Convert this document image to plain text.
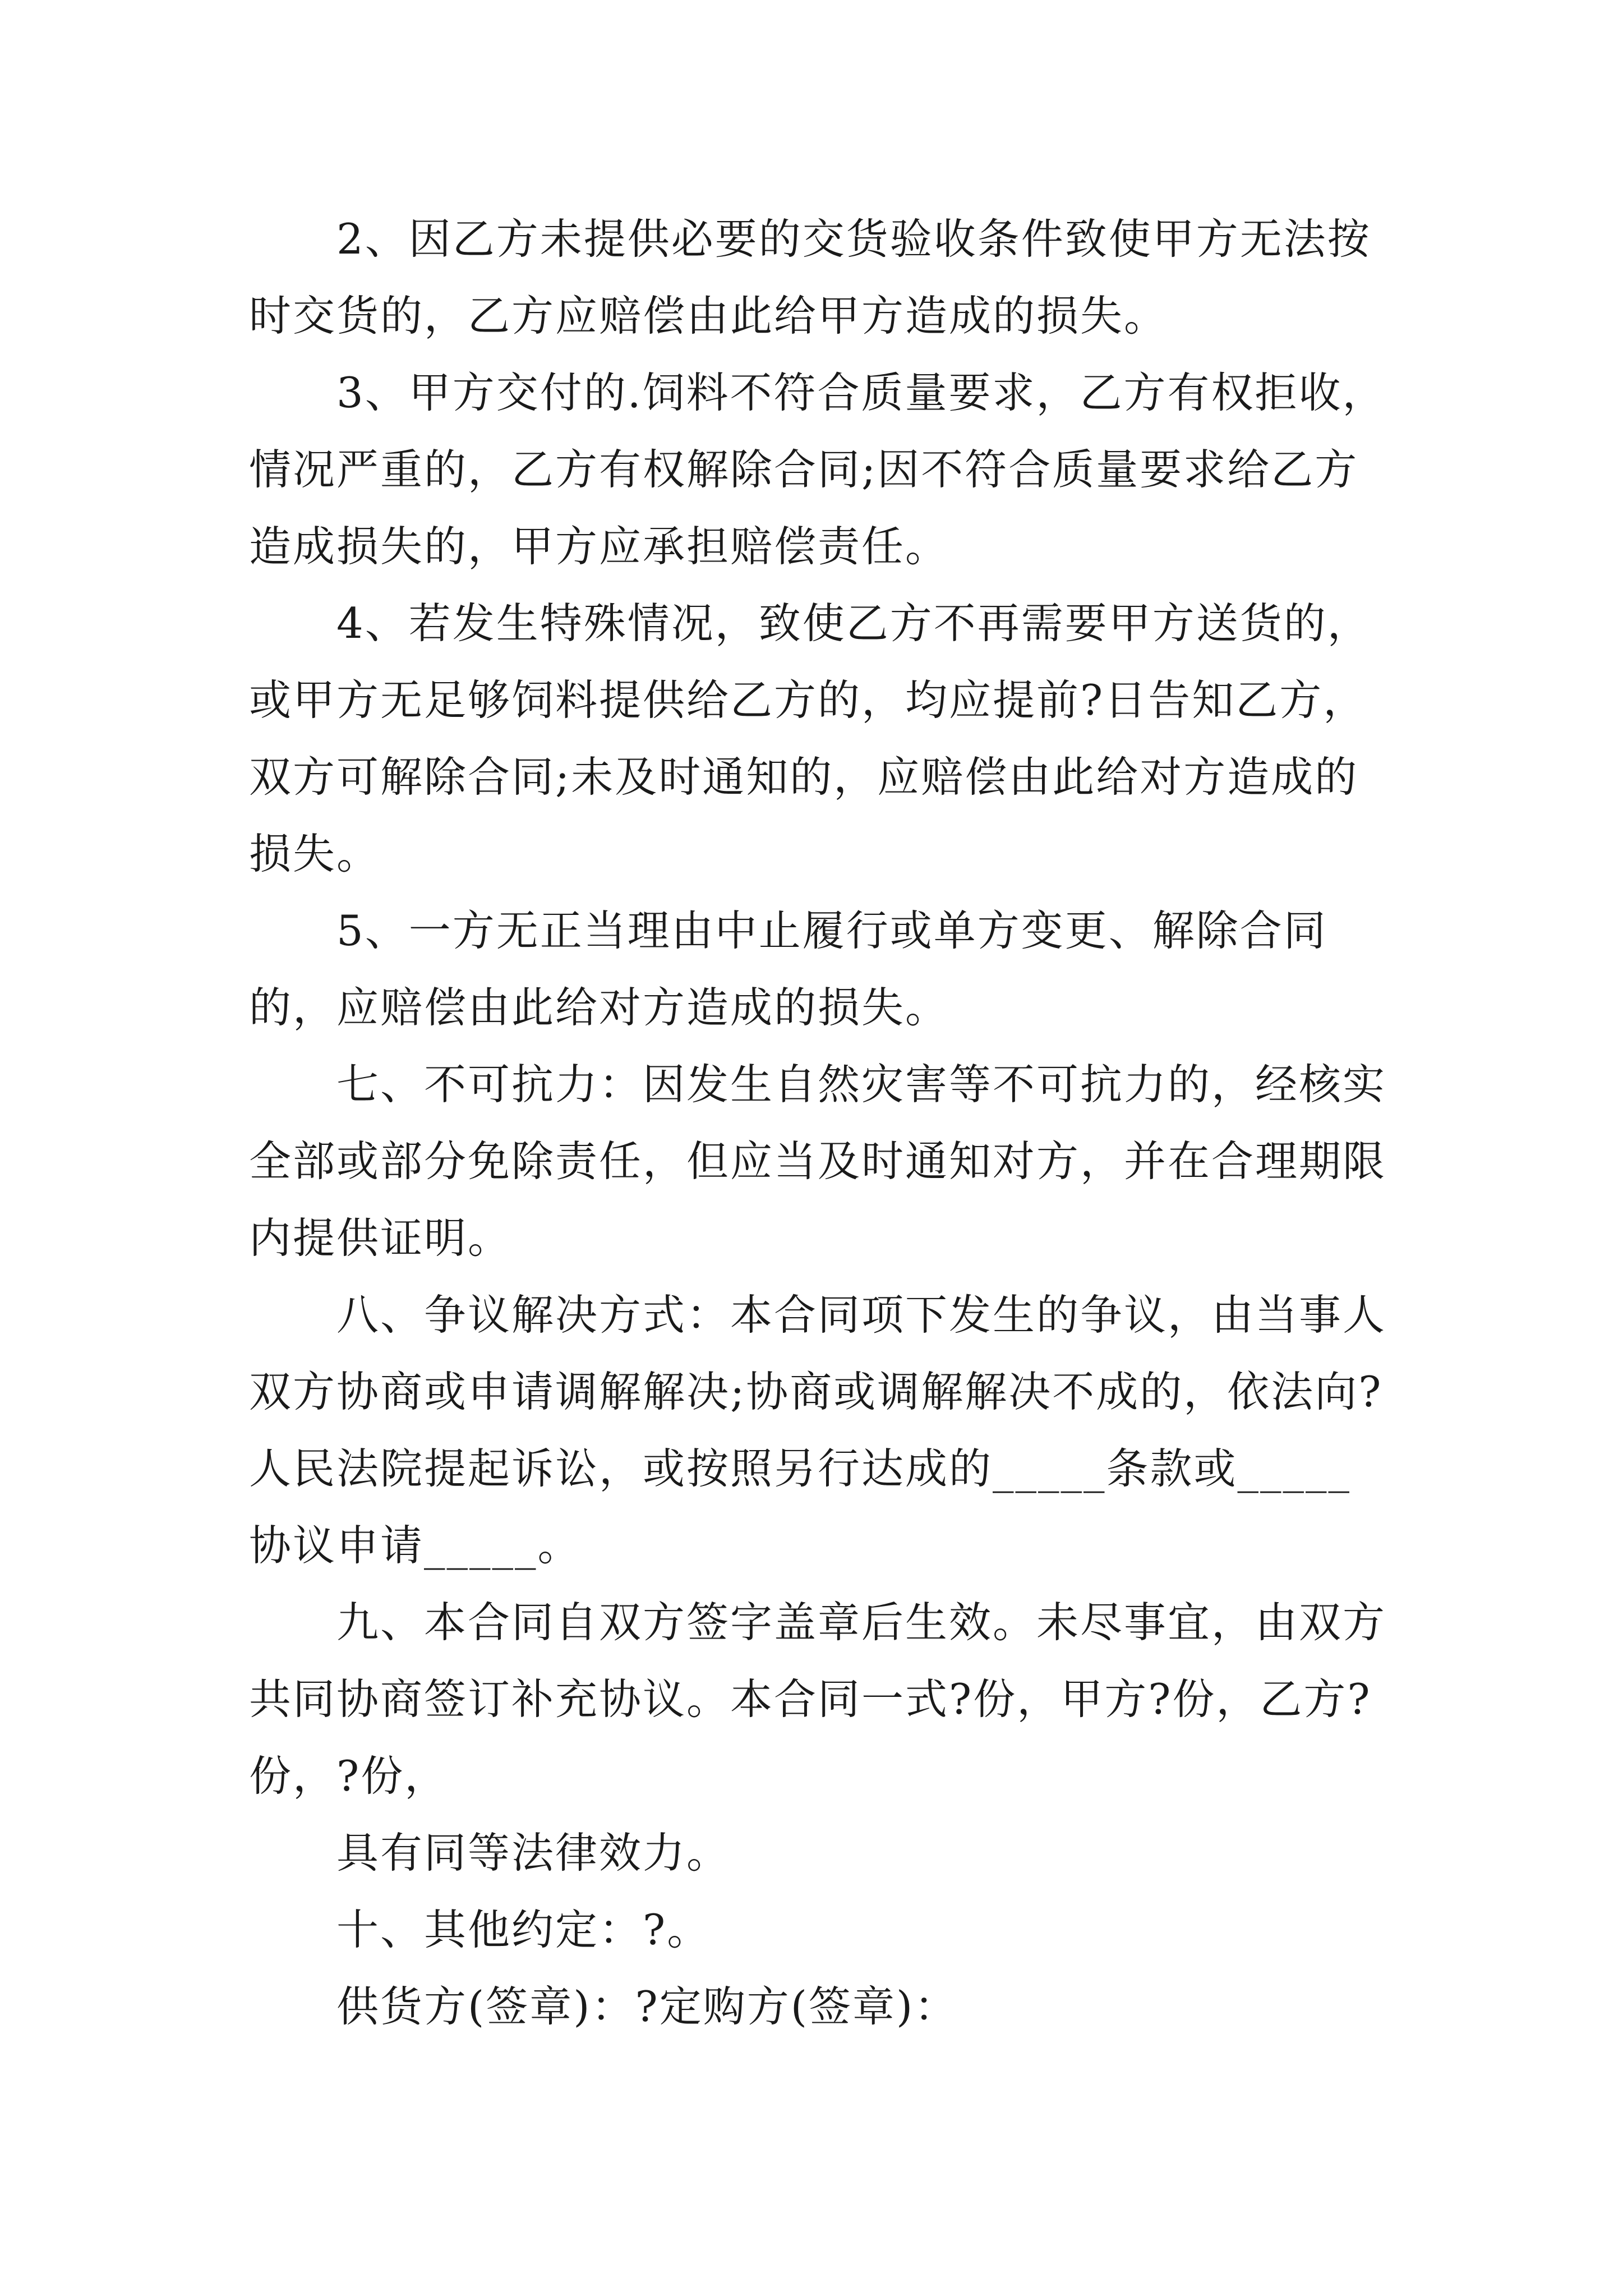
2、因乙方未提供必要的交货验收条件致使甲方无法按时交货的，乙方应赔偿由此给甲方造成的损失。

3、甲方交付的.饲料不符合质量要求，乙方有权拒收，情况严重的，乙方有权解除合同;因不符合质量要求给乙方造成损失的，甲方应承担赔偿责任。

4、若发生特殊情况，致使乙方不再需要甲方送货的，或甲方无足够饲料提供给乙方的，均应提前?日告知乙方，双方可解除合同;未及时通知的，应赔偿由此给对方造成的损失。

5、一方无正当理由中止履行或单方变更、解除合同的，应赔偿由此给对方造成的损失。

七、不可抗力：因发生自然灾害等不可抗力的，经核实全部或部分免除责任，但应当及时通知对方，并在合理期限内提供证明。

八、争议解决方式：本合同项下发生的争议，由当事人双方协商或申请调解解决;协商或调解解决不成的，依法向?人民法院提起诉讼，或按照另行达成的_____条款或_____协议申请_____。

九、本合同自双方签字盖章后生效。未尽事宜，由双方共同协商签订补充协议。本合同一式?份，甲方?份，乙方?份，?份，

具有同等法律效力。

十、其他约定：?。

供货方(签章)：?定购方(签章)：
